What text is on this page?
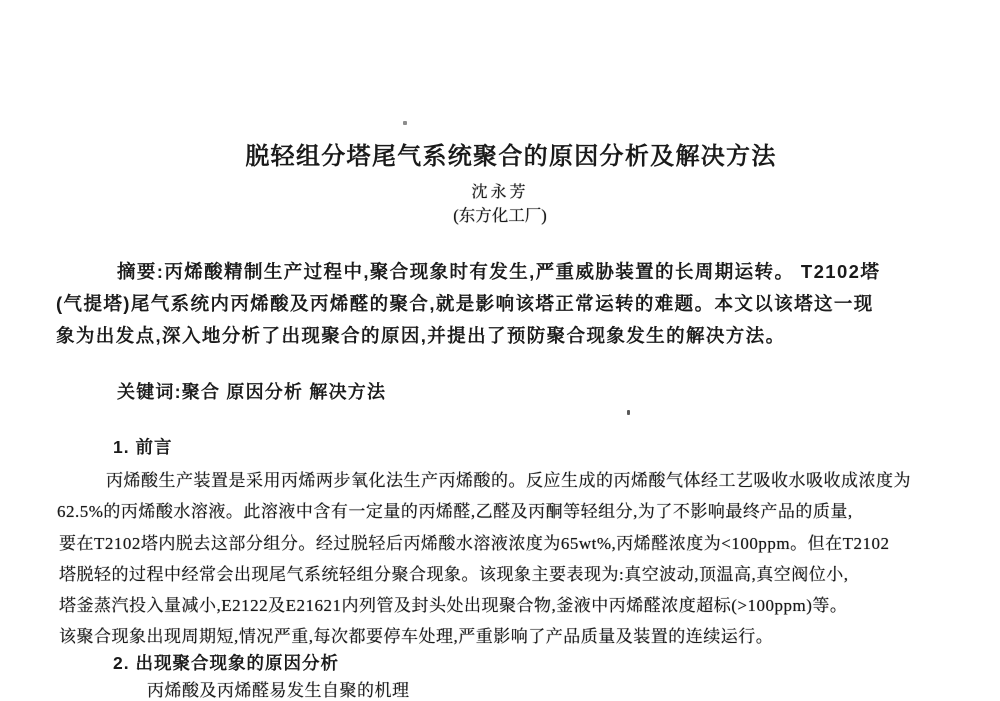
脱轻组分塔尾气系统聚合的原因分析及解决方法
沈永芳
(东方化工厂)
摘要:丙烯酸精制生产过程中,聚合现象时有发生,严重威胁装置的长周期运转。 T2102塔
(气提塔)尾气系统内丙烯酸及丙烯醛的聚合,就是影响该塔正常运转的难题。本文以该塔这一现
象为出发点,深入地分析了出现聚合的原因,并提出了预防聚合现象发生的解决方法。
关键词:聚合 原因分析 解决方法
1. 前言
丙烯酸生产装置是采用丙烯两步氧化法生产丙烯酸的。反应生成的丙烯酸气体经工艺吸收水吸收成浓度为
62.5%的丙烯酸水溶液。此溶液中含有一定量的丙烯醛,乙醛及丙酮等轻组分,为了不影响最终产品的质量,
要在T2102塔内脱去这部分组分。经过脱轻后丙烯酸水溶液浓度为65wt%,丙烯醛浓度为<100ppm。但在T2102
塔脱轻的过程中经常会出现尾气系统轻组分聚合现象。该现象主要表现为:真空波动,顶温高,真空阀位小,
塔釜蒸汽投入量减小,E2122及E21621内列管及封头处出现聚合物,釜液中丙烯醛浓度超标(>100ppm)等。
该聚合现象出现周期短,情况严重,每次都要停车处理,严重影响了产品质量及装置的连续运行。
2. 出现聚合现象的原因分析
丙烯酸及丙烯醛易发生自聚的机理
